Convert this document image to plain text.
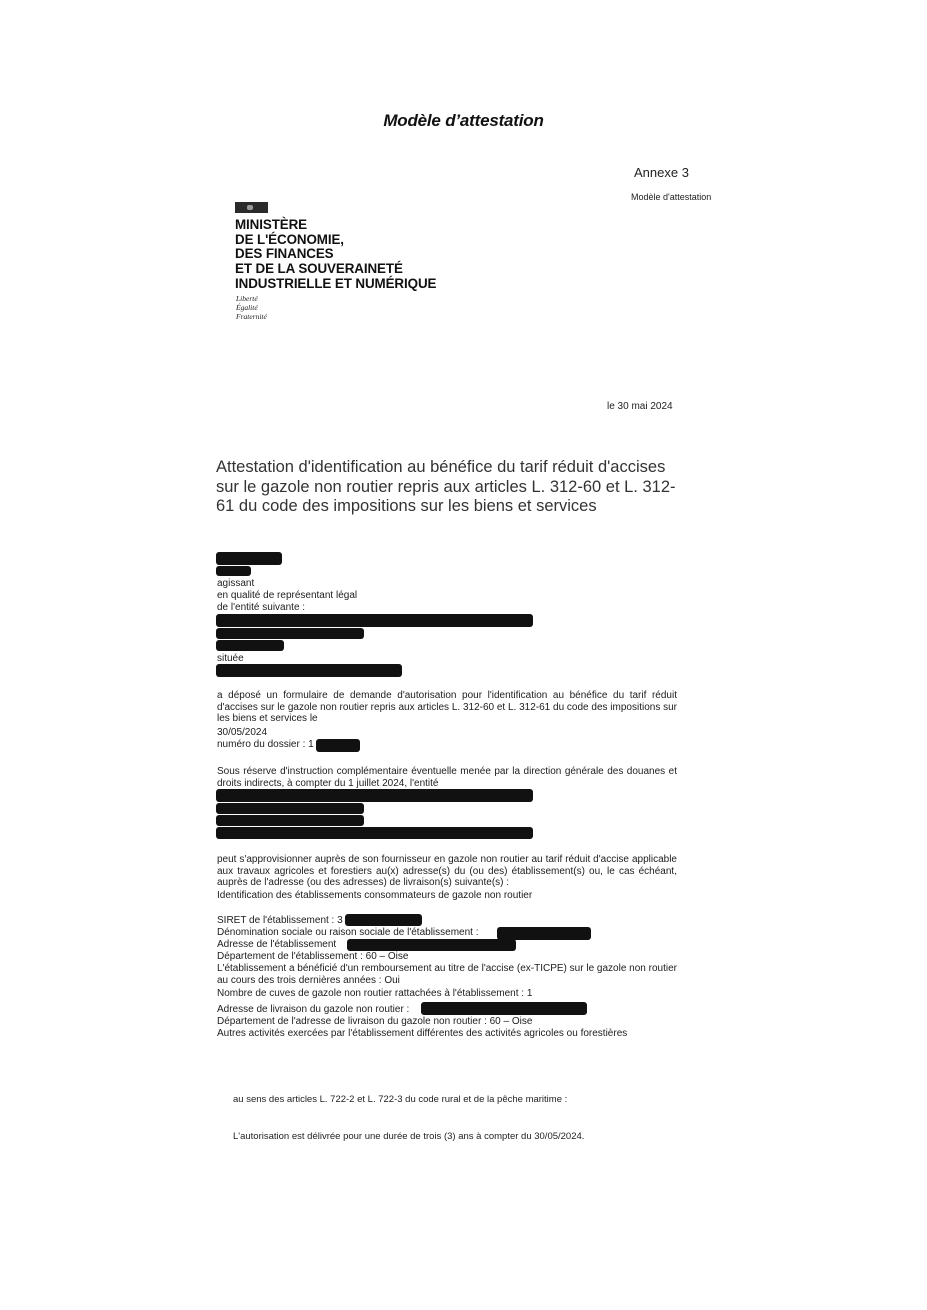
Modèle d’attestation
Annexe 3
Modèle d'attestation
MINISTÈRE
DE L'ÉCONOMIE,
DES FINANCES
ET DE LA SOUVERAINETÉ
INDUSTRIELLE ET NUMÉRIQUE
Liberté
Égalité
Fraternité
le 30 mai 2024
Attestation d'identification au bénéfice du tarif réduit d'accises sur le gazole non routier repris aux articles L. 312-60 et L. 312-61 du code des impositions sur les biens et services
agissant
en qualité de représentant légal
de l'entité suivante :
située
a déposé un formulaire de demande d'autorisation pour l'identification au bénéfice du tarif réduit d'accises sur le gazole non routier repris aux articles L. 312-60 et L. 312-61 du code des impositions sur les biens et services le
30/05/2024
numéro du dossier : 1
Sous réserve d'instruction complémentaire éventuelle menée par la direction générale des douanes et droits indirects, à compter du 1 juillet 2024, l'entité
peut s'approvisionner auprès de son fournisseur en gazole non routier au tarif réduit d'accise applicable aux travaux agricoles et forestiers au(x) adresse(s) du (ou des) établissement(s) ou, le cas échéant, auprès de l'adresse (ou des adresses) de livraison(s) suivante(s) :
Identification des établissements consommateurs de gazole non routier
SIRET de l'établissement : 3
Dénomination sociale ou raison sociale de l'établissement :
Adresse de l'établissement
Département de l'établissement : 60 – Oise
L'établissement a bénéficié d'un remboursement au titre de l'accise (ex-TICPE) sur le gazole non routier au cours des trois dernières années : Oui
Nombre de cuves de gazole non routier rattachées à l'établissement : 1
Adresse de livraison du gazole non routier :
Département de l'adresse de livraison du gazole non routier : 60 – Oise
Autres activités exercées par l'établissement différentes des activités agricoles ou forestières
au sens des articles L. 722-2 et L. 722-3 du code rural et de la pêche maritime :
L'autorisation est délivrée pour une durée de trois (3) ans à compter du 30/05/2024.
